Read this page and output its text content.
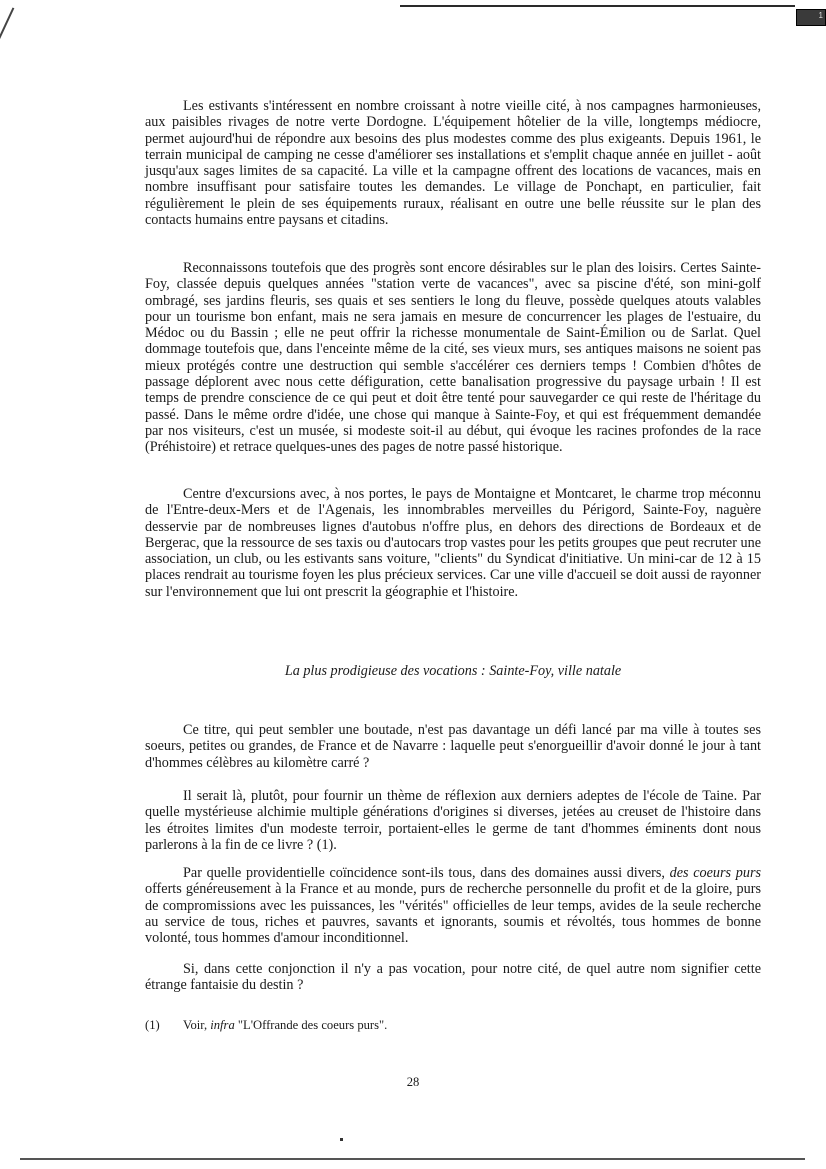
1

Les estivants s'intéressent en nombre croissant à notre vieille cité, à nos campagnes harmonieuses, aux paisibles rivages de notre verte Dordogne. L'équipement hôtelier de la ville, longtemps médiocre, permet aujourd'hui de répondre aux besoins des plus modestes comme des plus exigeants. Depuis 1961, le terrain municipal de camping ne cesse d'améliorer ses installations et s'emplit chaque année en juillet - août jusqu'aux sages limites de sa capacité. La ville et la campagne offrent des locations de vacances, mais en nombre insuffisant pour satisfaire toutes les demandes. Le village de Ponchapt, en particulier, fait régulièrement le plein de ses équipements ruraux, réalisant en outre une belle réussite sur le plan des contacts humains entre paysans et citadins.

Reconnaissons toutefois que des progrès sont encore désirables sur le plan des loisirs. Certes Sainte-Foy, classée depuis quelques années "station verte de vacances", avec sa piscine d'été, son mini-golf ombragé, ses jardins fleuris, ses quais et ses sentiers le long du fleuve, possède quelques atouts valables pour un tourisme bon enfant, mais ne sera jamais en mesure de concurrencer les plages de l'estuaire, du Médoc ou du Bassin ; elle ne peut offrir la richesse monumentale de Saint-Émilion ou de Sarlat. Quel dommage toutefois que, dans l'enceinte même de la cité, ses vieux murs, ses antiques maisons ne soient pas mieux protégés contre une destruction qui semble s'accélérer ces derniers temps ! Combien d'hôtes de passage déplorent avec nous cette défiguration, cette banalisation progressive du paysage urbain ! Il est temps de prendre conscience de ce qui peut et doit être tenté pour sauvegarder ce qui reste de l'héritage du passé. Dans le même ordre d'idée, une chose qui manque à Sainte-Foy, et qui est fréquemment demandée par nos visiteurs, c'est un musée, si modeste soit-il au début, qui évoque les racines profondes de la race (Préhistoire) et retrace quelques-unes des pages de notre passé historique.

Centre d'excursions avec, à nos portes, le pays de Montaigne et Montcaret, le charme trop méconnu de l'Entre-deux-Mers et de l'Agenais, les innombrables merveilles du Périgord, Sainte-Foy, naguère desservie par de nombreuses lignes d'autobus n'offre plus, en dehors des directions de Bordeaux et de Bergerac, que la ressource de ses taxis ou d'autocars trop vastes pour les petits groupes que peut recruter une association, un club, ou les estivants sans voiture, "clients" du Syndicat d'initiative. Un mini-car de 12 à 15 places rendrait au tourisme foyen les plus précieux services. Car une ville d'accueil se doit aussi de rayonner sur l'environnement que lui ont prescrit la géographie et l'histoire.

La plus prodigieuse des vocations : Sainte-Foy, ville natale

Ce titre, qui peut sembler une boutade, n'est pas davantage un défi lancé par ma ville à toutes ses soeurs, petites ou grandes, de France et de Navarre : laquelle peut s'enorgueillir d'avoir donné le jour à tant d'hommes célèbres au kilomètre carré ?

Il serait là, plutôt, pour fournir un thème de réflexion aux derniers adeptes de l'école de Taine. Par quelle mystérieuse alchimie multiple générations d'origines si diverses, jetées au creuset de l'histoire dans les étroites limites d'un modeste terroir, portaient-elles le germe de tant d'hommes éminents dont nous parlerons à la fin de ce livre ? (1).

Par quelle providentielle coïncidence sont-ils tous, dans des domaines aussi divers, des coeurs purs offerts généreusement à la France et au monde, purs de recherche personnelle du profit et de la gloire, purs de compromissions avec les puissances, les "vérités" officielles de leur temps, avides de la seule recherche au service de tous, riches et pauvres, savants et ignorants, soumis et révoltés, tous hommes de bonne volonté, tous hommes d'amour inconditionnel.

Si, dans cette conjonction il n'y a pas vocation, pour notre cité, de quel autre nom signifier cette étrange fantaisie du destin ?

(1) Voir, infra "L'Offrande des coeurs purs".
28
